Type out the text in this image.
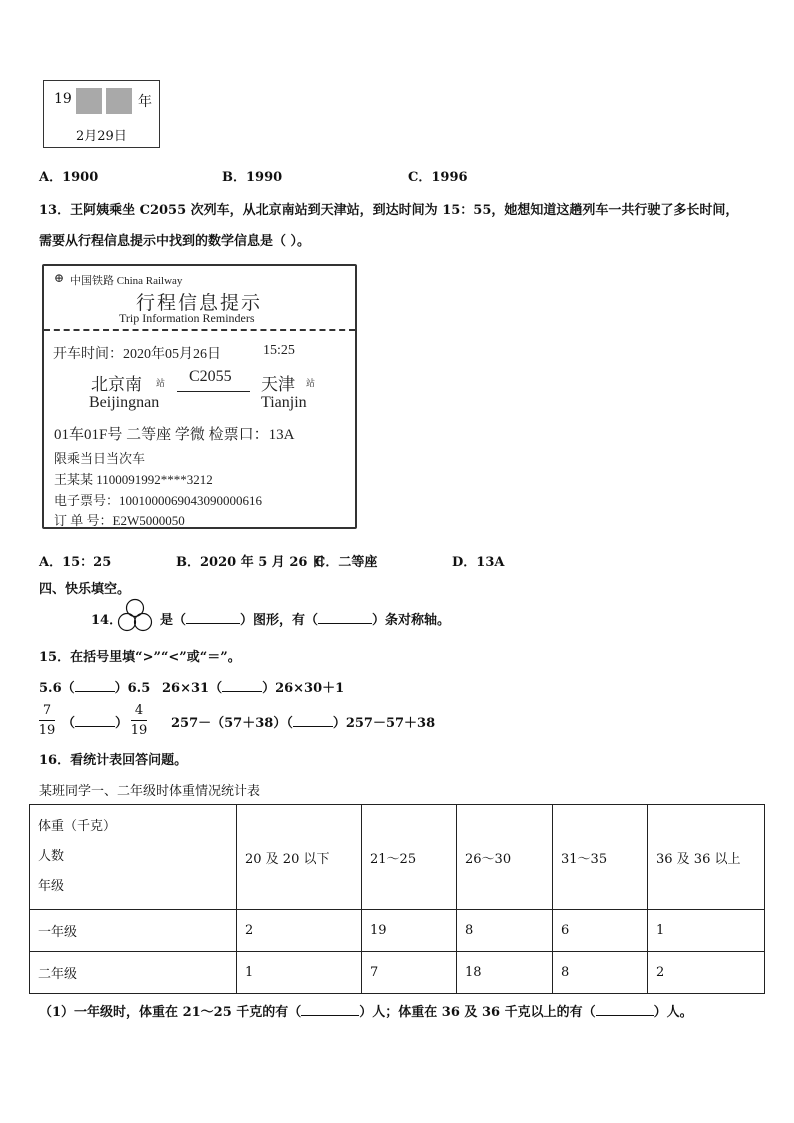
19	年
2月29日
A．1900	B．1990	C．1996
13．王阿姨乘坐 C2055 次列车，从北京南站到天津站，到达时间为 15：55，她想知道这趟列车一共行驶了多长时间，
需要从行程信息提示中找到的数学信息是（ ）。
⊕ 中国铁路 China Railway
行程信息提示
Trip Information Reminders
开车时间：2020年05月26日	15:25
北京南 站 C2055 天津 站
Beijingnan	Tianjin
01车01F号 二等座 学微 检票口：13A
限乘当日当次车
王某某 1100091992****3212
电子票号：1001000069043090000616
订 单 号：E2W5000050
A．15：25	B．2020 年 5 月 26 日
C．二等座	D．13A
四、快乐填空。
14．	是（	）图形，有（	）条对称轴。
15．在括号里填“>”“<”或“＝”。
5.6（	）6.5 26×31（	）26×30＋1
7
19 （	）
4
19 257－（57＋38）（	）257－57＋38
16．看统计表回答问题。
某班同学一、二年级时体重情况统计表
体重（千克）
人数
年级	20 及 20 以下	21～25	26～30	31～35	36 及 36 以上
一年级	2	19	8	6	1
二年级	1	7	18	8	2
（1）一年级时，体重在 21～25 千克的有（	）人；体重在 36 及 36 千克以上的有（	）人。
